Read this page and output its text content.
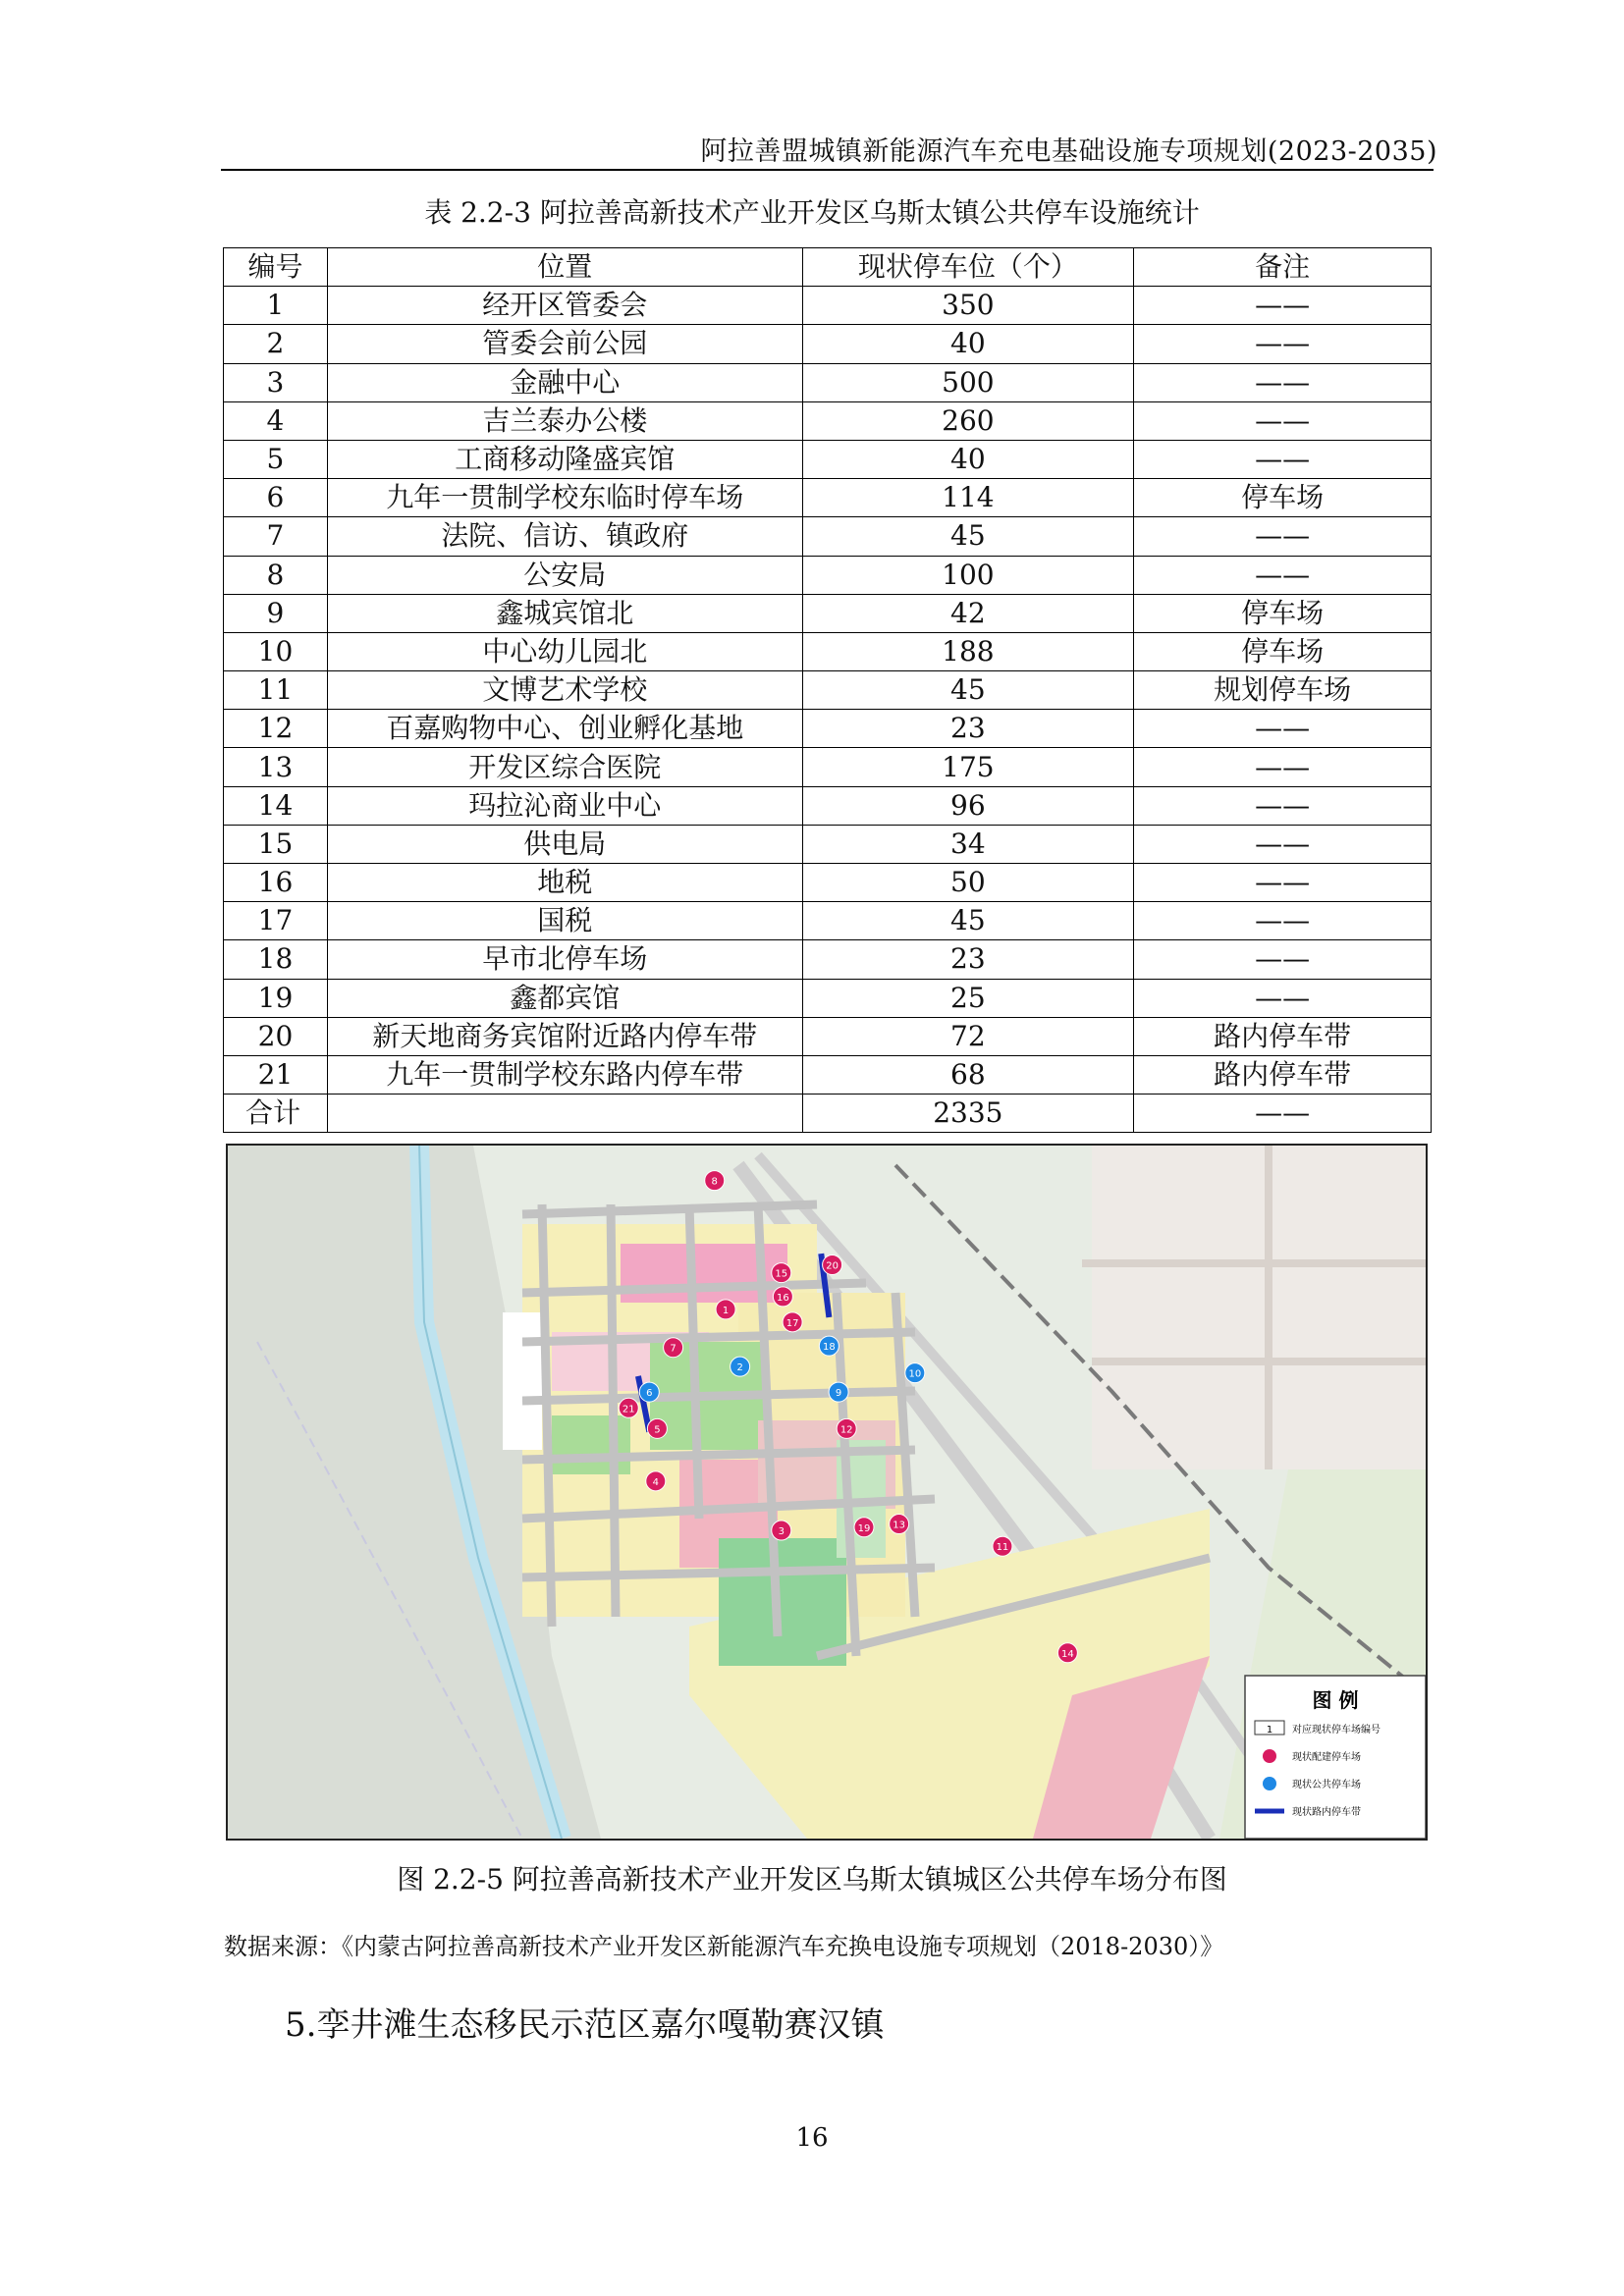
阿拉善盟城镇新能源汽车充电基础设施专项规划(2023-2035)
表 2.2-3 阿拉善高新技术产业开发区乌斯太镇公共停车设施统计
编号	位置	现状停车位（个）	备注
1	经开区管委会	350	——
2	管委会前公园	40	——
3	金融中心	500	——
4	吉兰泰办公楼	260	——
5	工商移动隆盛宾馆	40	——
6	九年一贯制学校东临时停车场	114	停车场
7	法院、信访、镇政府	45	——
8	公安局	100	——
9	鑫城宾馆北	42	停车场
10	中心幼儿园北	188	停车场
11	文博艺术学校	45	规划停车场
12	百嘉购物中心、创业孵化基地	23	——
13	开发区综合医院	175	——
14	玛拉沁商业中心	96	——
15	供电局	34	——
16	地税	50	——
17	国税	45	——
18	早市北停车场	23	——
19	鑫都宾馆	25	——
20	新天地商务宾馆附近路内停车带	72	路内停车带
21	九年一贯制学校东路内停车带	68	路内停车带
合计		2335	——
8
1
15
16
17
7
2
18
9
10
6
21
5
4
3	19 13
12
11
14
20
图 例
1 对应现状停车场编号
现状配建停车场
现状公共停车场
现状路内停车带
图 2.2-5 阿拉善高新技术产业开发区乌斯太镇城区公共停车场分布图
数据来源：《内蒙古阿拉善高新技术产业开发区新能源汽车充换电设施专项规划（2018-2030）》
5.孪井滩生态移民示范区嘉尔嘎勒赛汉镇
16
